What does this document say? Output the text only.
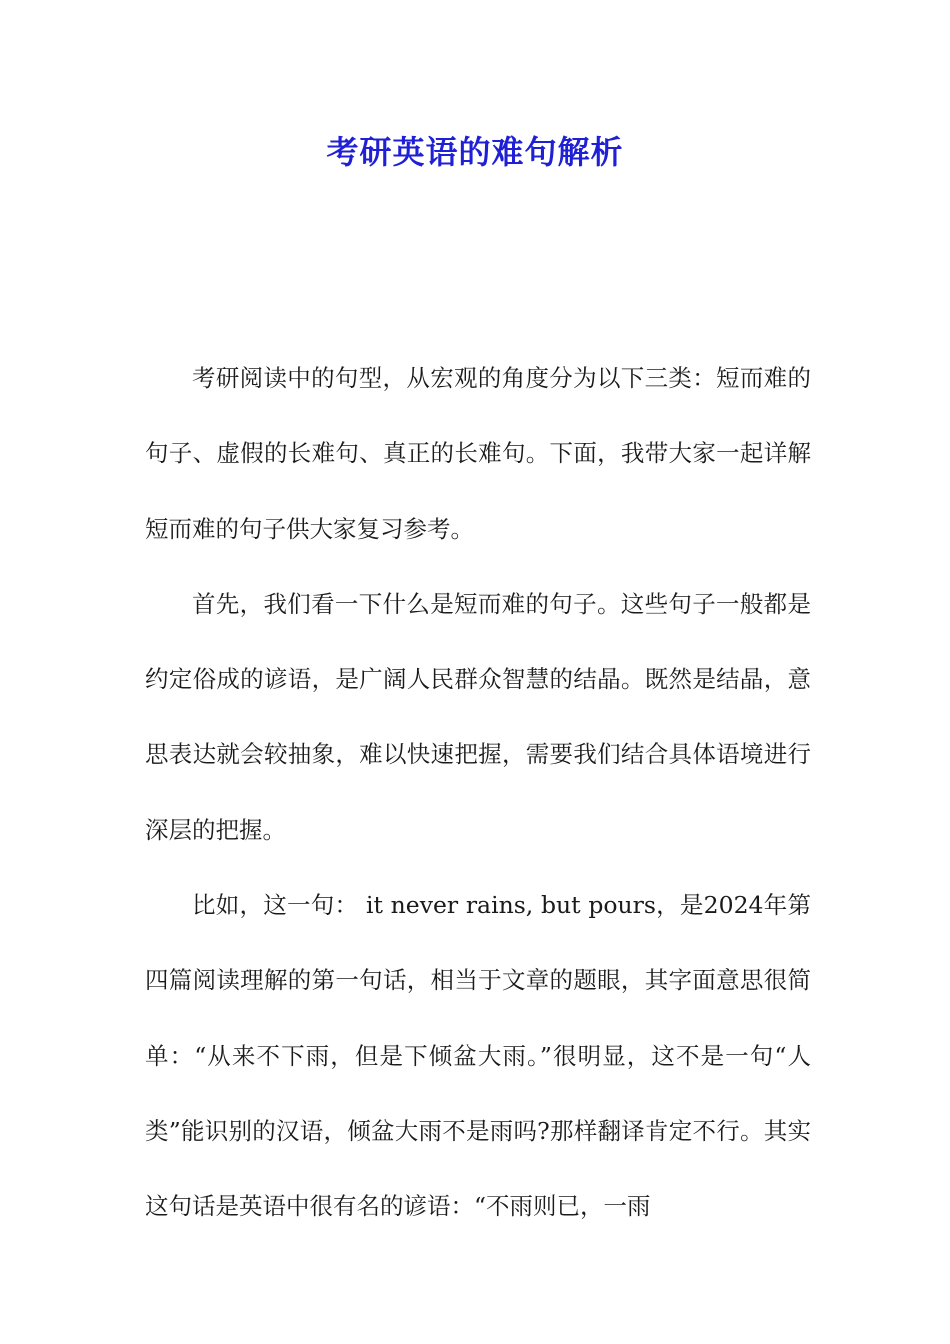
考研英语的难句解析

考研阅读中的句型，从宏观的角度分为以下三类：短而难的句子、虚假的长难句、真正的长难句。下面，我带大家一起详解短而难的句子供大家复习参考。

首先，我们看一下什么是短而难的句子。这些句子一般都是约定俗成的谚语，是广阔人民群众智慧的结晶。既然是结晶，意思表达就会较抽象，难以快速把握，需要我们结合具体语境进行深层的把握。

比如，这一句： it never rains, but pours，是2024年第四篇阅读理解的第一句话，相当于文章的题眼，其字面意思很简单：“从来不下雨，但是下倾盆大雨。”很明显，这不是一句“人类”能识别的汉语，倾盆大雨不是雨吗?那样翻译肯定不行。其实这句话是英语中很有名的谚语：“不雨则已，一雨
